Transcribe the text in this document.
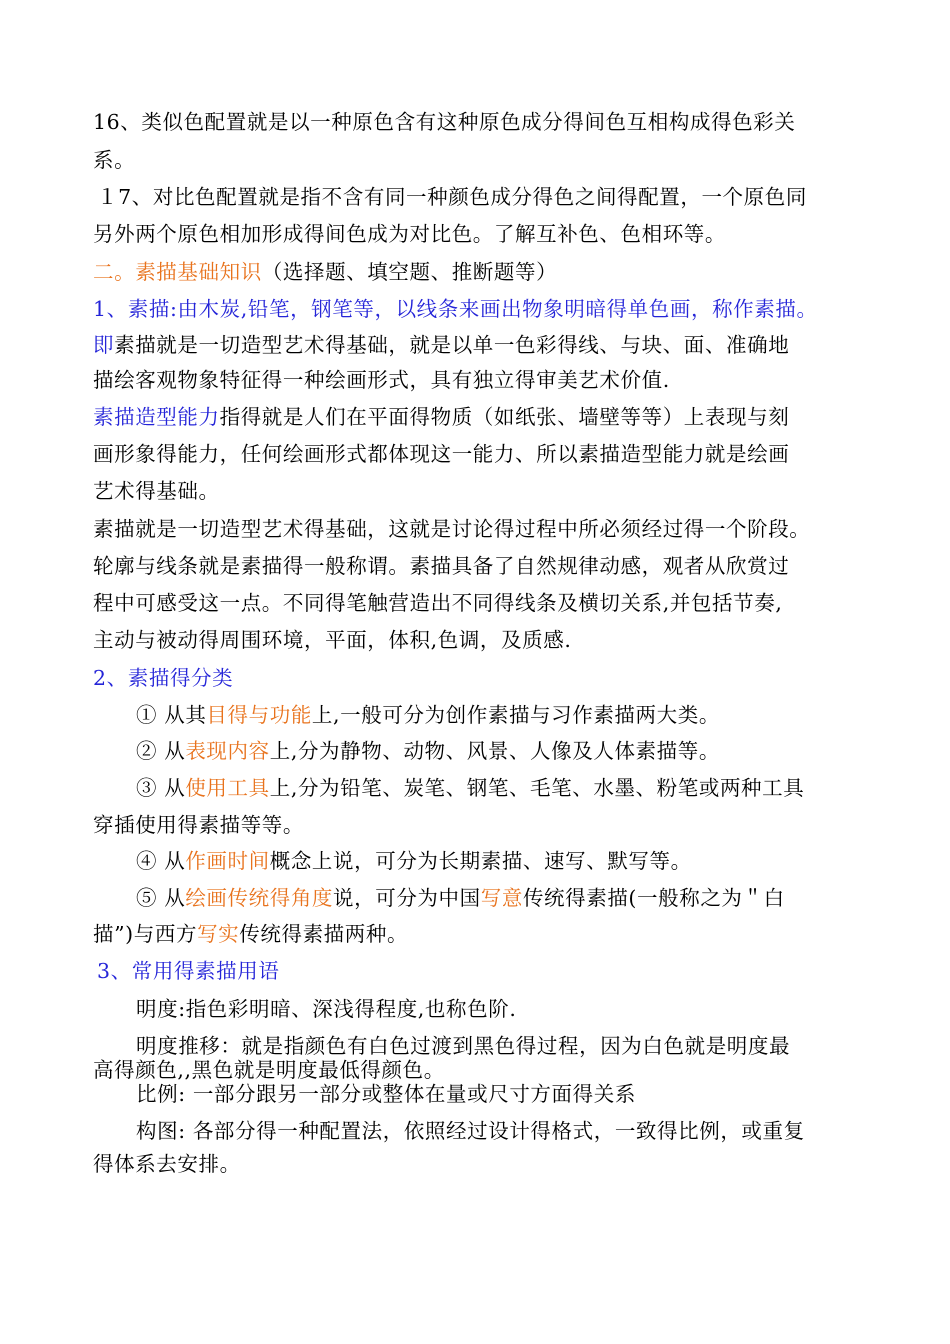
16、类似色配置就是以一种原色含有这种原色成分得间色互相构成得色彩关
系。
１7、对比色配置就是指不含有同一种颜色成分得色之间得配置，一个原色同
另外两个原色相加形成得间色成为对比色。了解互补色、色相环等。
二。素描基础知识（选择题、填空题、推断题等）
1、素描:由木炭,铅笔，钢笔等，以线条来画出物象明暗得单色画，称作素描。
即素描就是一切造型艺术得基础，就是以单一色彩得线、与块、面、准确地
描绘客观物象特征得一种绘画形式，具有独立得审美艺术价值.
素描造型能力指得就是人们在平面得物质（如纸张、墙壁等等）上表现与刻
画形象得能力，任何绘画形式都体现这一能力、所以素描造型能力就是绘画
艺术得基础。
素描就是一切造型艺术得基础，这就是讨论得过程中所必须经过得一个阶段。
轮廓与线条就是素描得一般称谓。素描具备了自然规律动感，观者从欣赏过
程中可感受这一点。不同得笔触营造出不同得线条及横切关系,并包括节奏,
主动与被动得周围环境，平面，体积,色调，及质感.
2、素描得分类
① 从其目得与功能上,一般可分为创作素描与习作素描两大类。
② 从表现内容上,分为静物、动物、风景、人像及人体素描等。
③ 从使用工具上,分为铅笔、炭笔、钢笔、毛笔、水墨、粉笔或两种工具
穿插使用得素描等等。
④ 从作画时间概念上说，可分为长期素描、速写、默写等。
⑤ 从绘画传统得角度说，可分为中国写意传统得素描(一般称之为＂白
描”)与西方写实传统得素描两种。
3、常用得素描用语
明度:指色彩明暗、深浅得程度,也称色阶.
明度推移：就是指颜色有白色过渡到黑色得过程，因为白色就是明度最
高得颜色,,黑色就是明度最低得颜色。
比例: 一部分跟另一部分或整体在量或尺寸方面得关系
构图: 各部分得一种配置法，依照经过设计得格式，一致得比例，或重复
得体系去安排。
